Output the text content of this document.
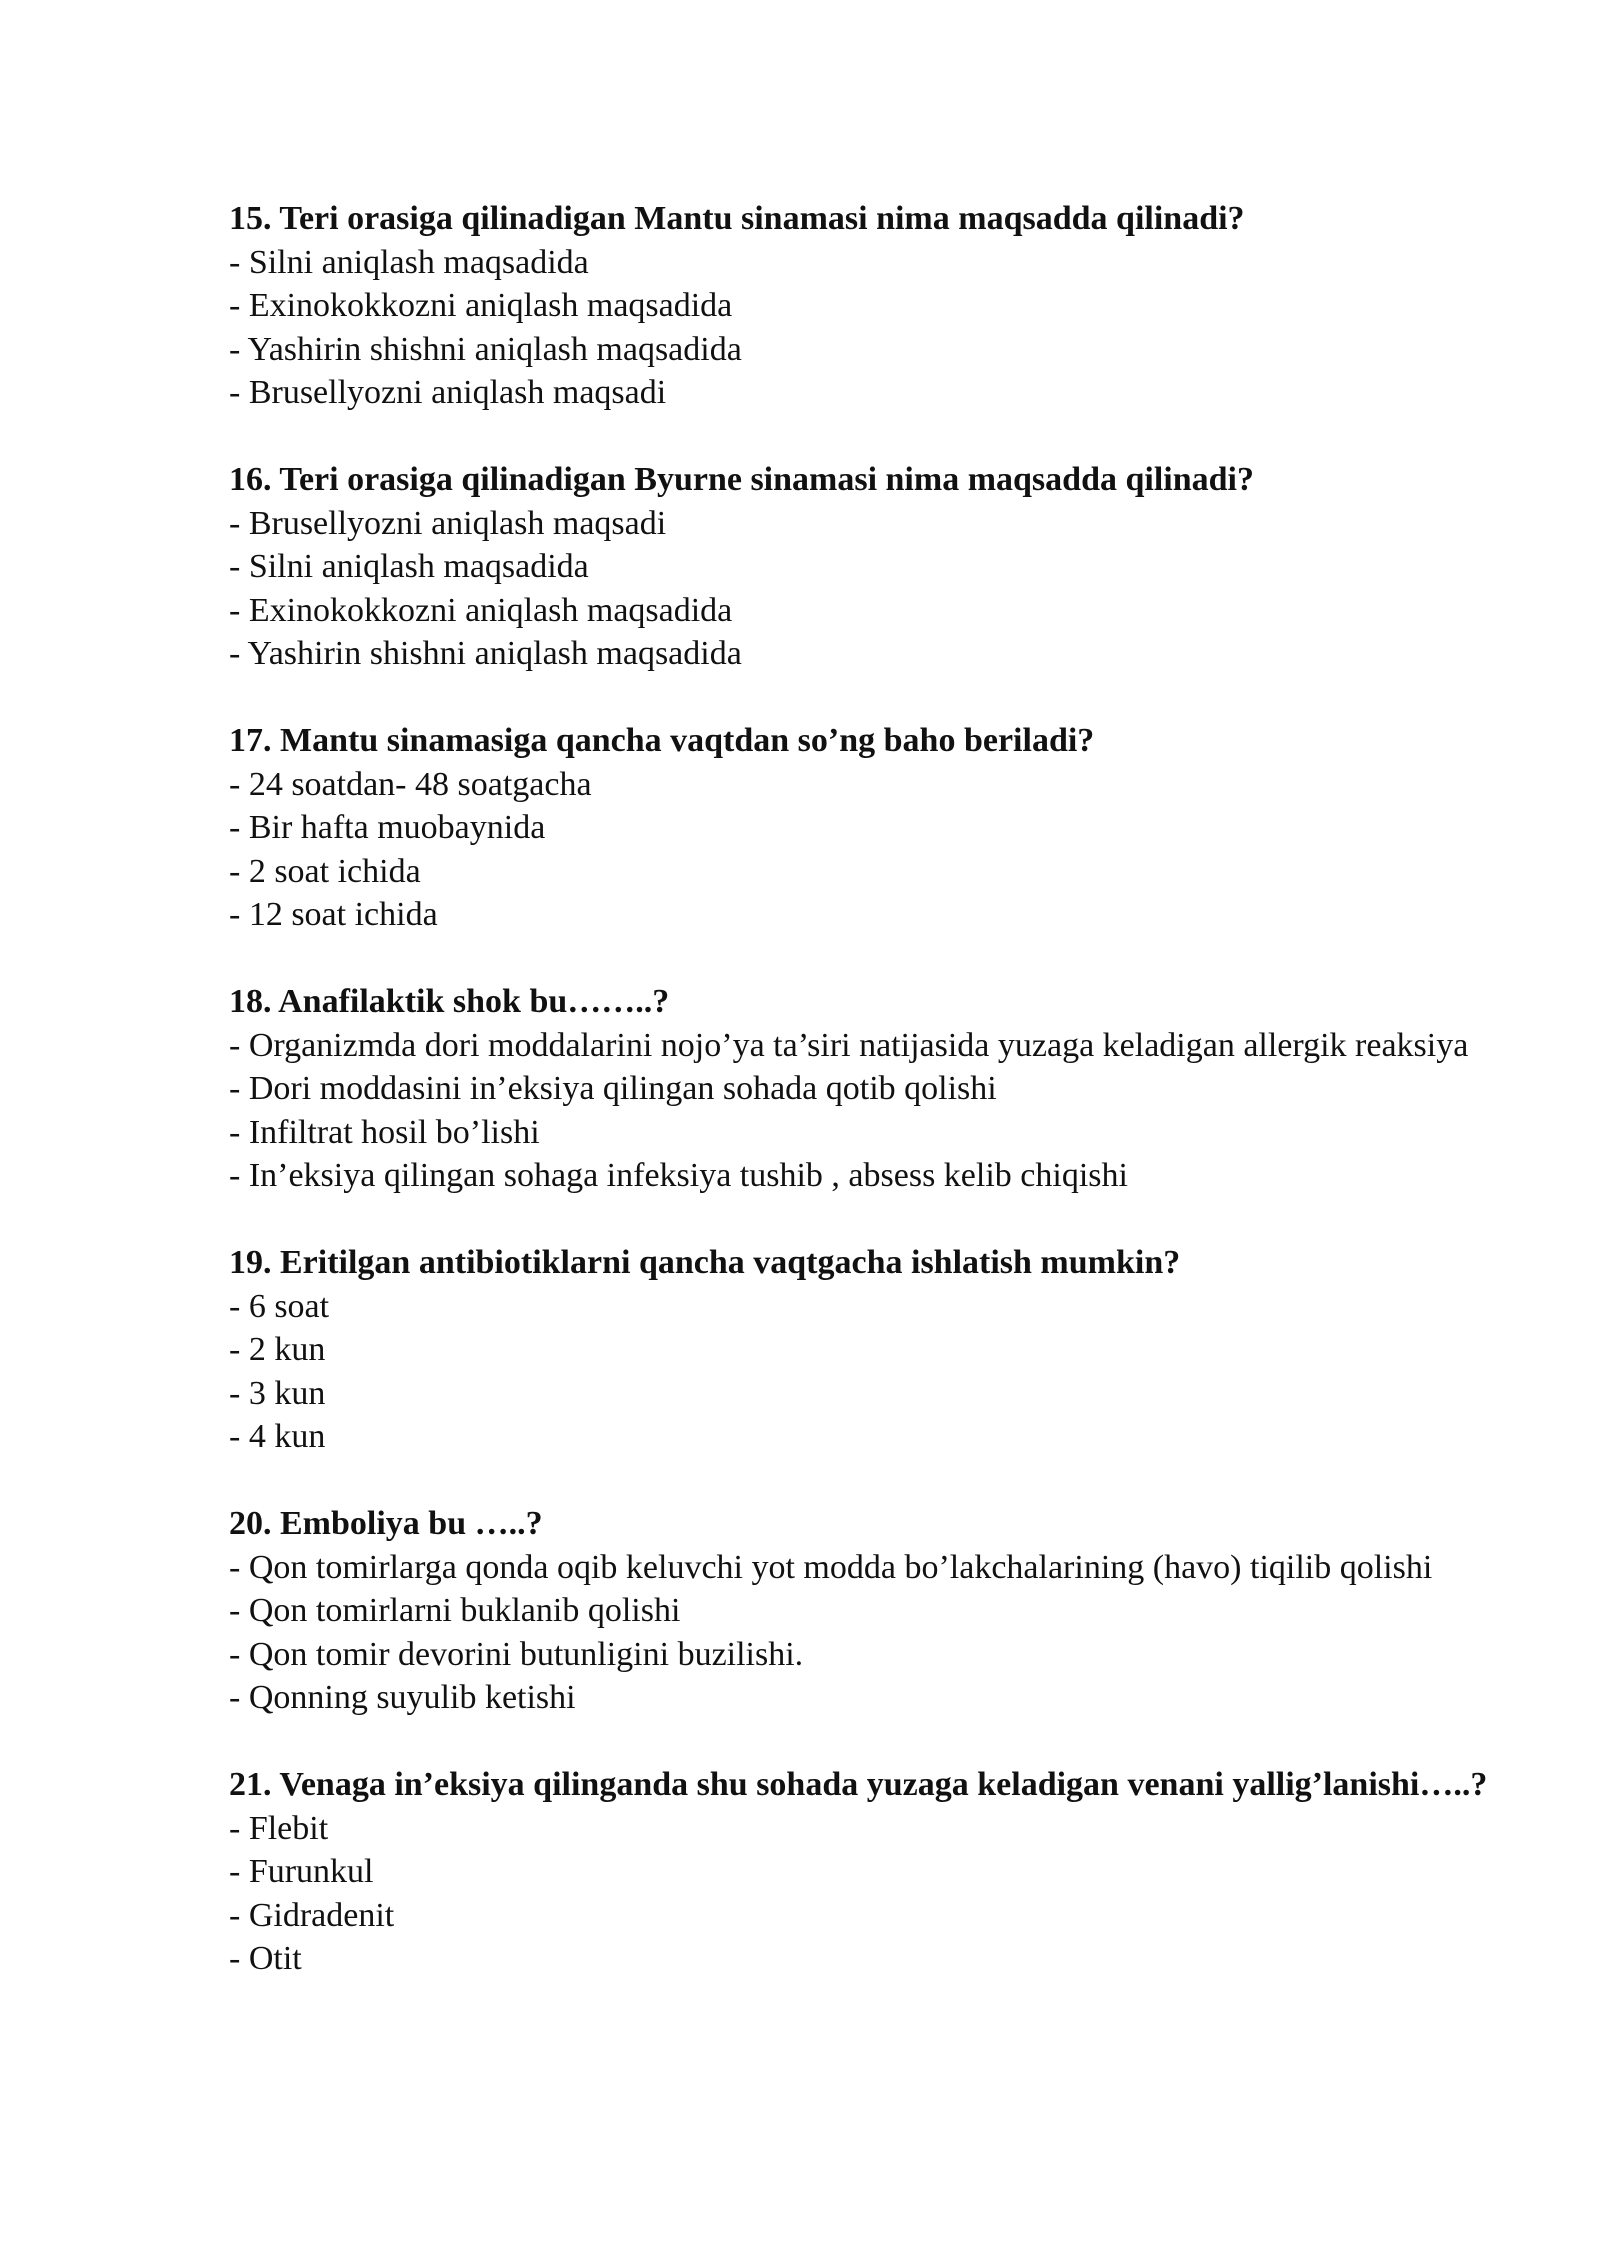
15. Teri orasiga qilinadigan Mantu sinamasi nima maqsadda qilinadi?

- Silni aniqlash maqsadida

- Exinokokkozni aniqlash maqsadida

- Yashirin shishni aniqlash maqsadida

- Brusellyozni aniqlash maqsadi

16. Teri orasiga qilinadigan Byurne sinamasi nima maqsadda qilinadi?

- Brusellyozni aniqlash maqsadi

- Silni aniqlash maqsadida

- Exinokokkozni aniqlash maqsadida

- Yashirin shishni aniqlash maqsadida

17. Mantu sinamasiga qancha vaqtdan so’ng baho beriladi?

- 24 soatdan- 48 soatgacha

- Bir hafta muobaynida

- 2 soat ichida

- 12 soat ichida

18. Anafilaktik shok bu……..?

- Organizmda dori moddalarini nojo’ya ta’siri natijasida yuzaga keladigan allergik reaksiya

- Dori moddasini in’eksiya qilingan sohada qotib qolishi

- Infiltrat hosil bo’lishi

- In’eksiya qilingan sohaga infeksiya tushib , absess kelib chiqishi

19. Eritilgan antibiotiklarni qancha vaqtgacha ishlatish mumkin?

- 6 soat

- 2 kun

- 3 kun

- 4 kun

20. Emboliya bu …..?

- Qon tomirlarga qonda oqib keluvchi yot modda bo’lakchalarining (havo) tiqilib qolishi

- Qon tomirlarni buklanib qolishi

- Qon tomir devorini butunligini buzilishi.

- Qonning suyulib ketishi

21. Venaga in’eksiya qilinganda shu sohada yuzaga keladigan venani yallig’lanishi…..?

- Flebit

- Furunkul

- Gidradenit

- Otit
